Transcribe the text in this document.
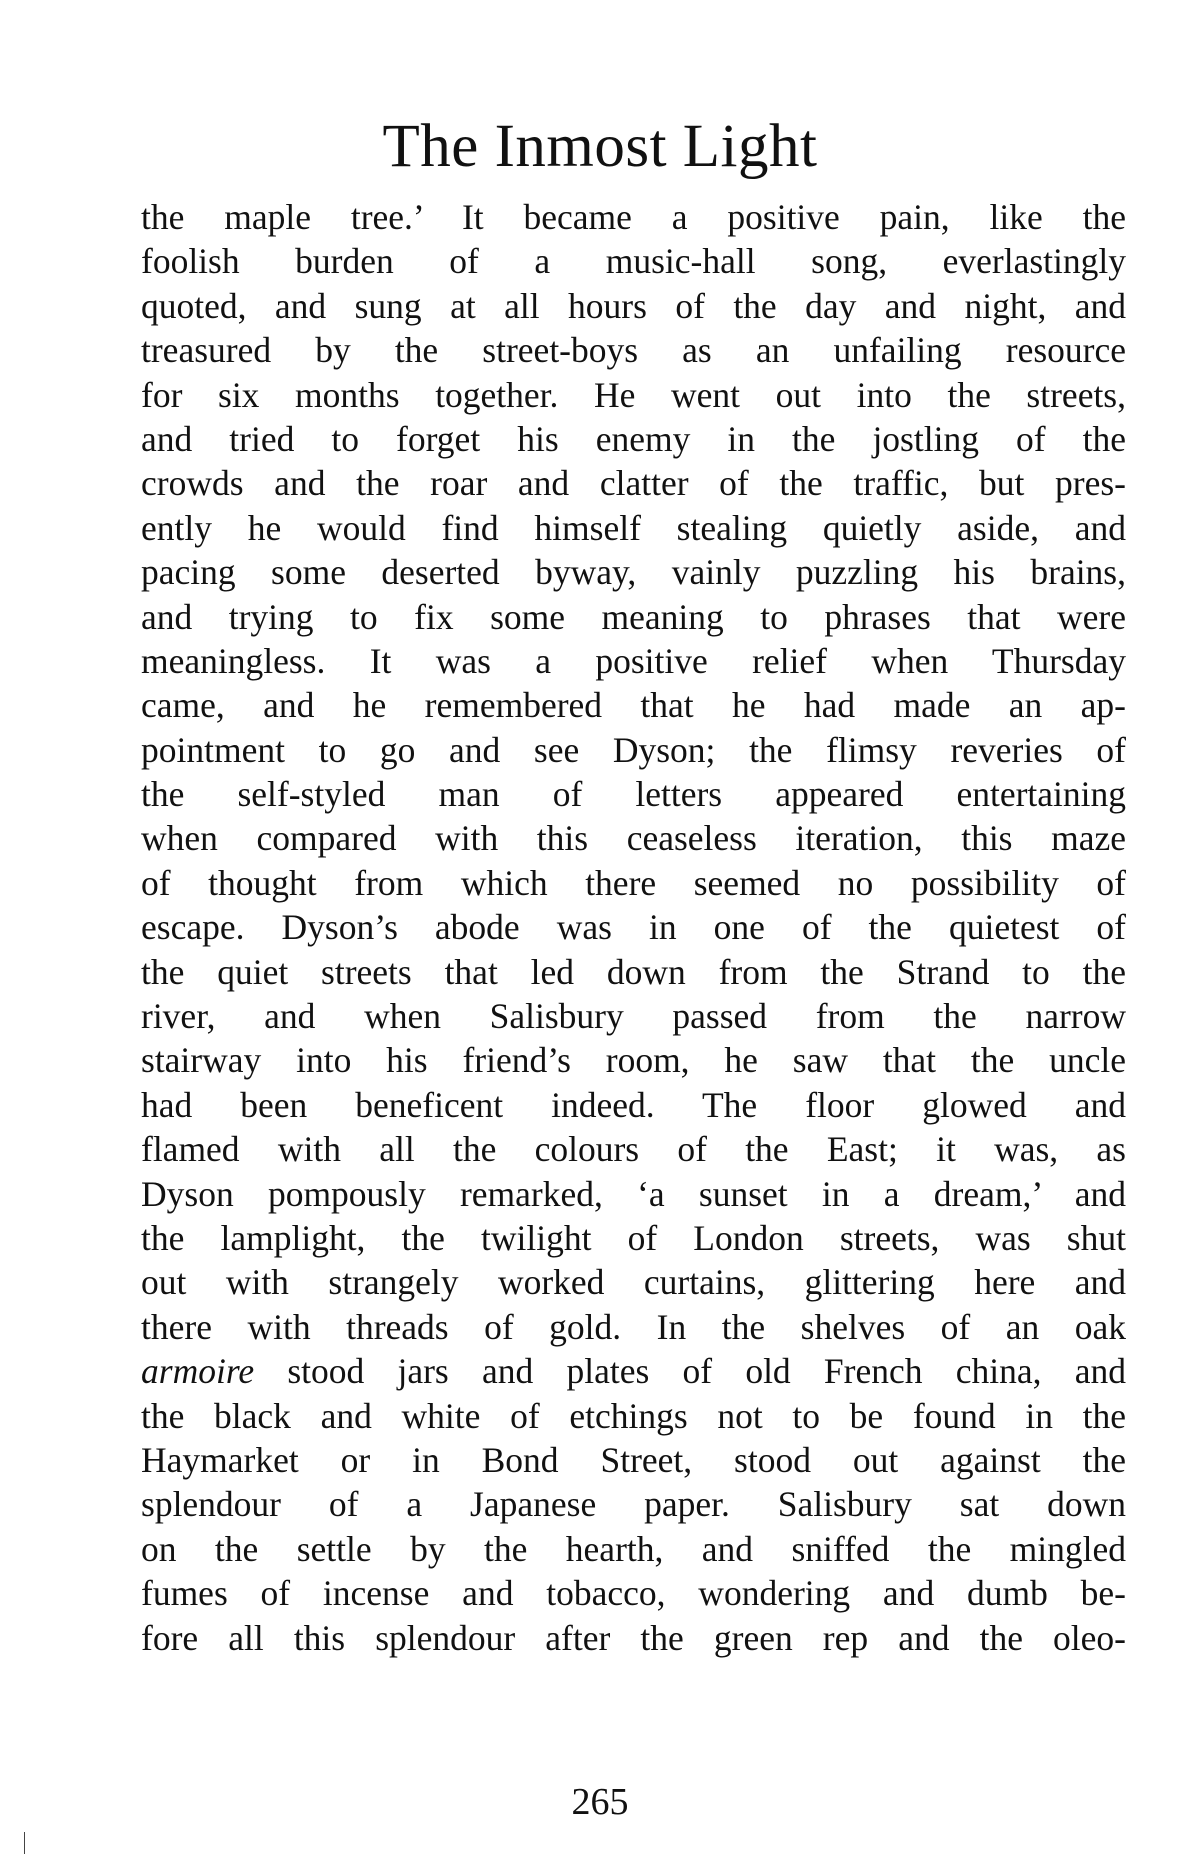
The Inmost Light
the maple tree.’ It became a positive pain, like the
foolish burden of a music-hall song, everlastingly
quoted, and sung at all hours of the day and night, and
treasured by the street-boys as an unfailing resource
for six months together. He went out into the streets,
and tried to forget his enemy in the jostling of the
crowds and the roar and clatter of the traffic, but pres-
ently he would find himself stealing quietly aside, and
pacing some deserted byway, vainly puzzling his brains,
and trying to fix some meaning to phrases that were
meaningless. It was a positive relief when Thursday
came, and he remembered that he had made an ap-
pointment to go and see Dyson; the flimsy reveries of
the self-styled man of letters appeared entertaining
when compared with this ceaseless iteration, this maze
of thought from which there seemed no possibility of
escape. Dyson’s abode was in one of the quietest of
the quiet streets that led down from the Strand to the
river, and when Salisbury passed from the narrow
stairway into his friend’s room, he saw that the uncle
had been beneficent indeed. The floor glowed and
flamed with all the colours of the East; it was, as
Dyson pompously remarked, ‘a sunset in a dream,’ and
the lamplight, the twilight of London streets, was shut
out with strangely worked curtains, glittering here and
there with threads of gold. In the shelves of an oak
armoire stood jars and plates of old French china, and
the black and white of etchings not to be found in the
Haymarket or in Bond Street, stood out against the
splendour of a Japanese paper. Salisbury sat down
on the settle by the hearth, and sniffed the mingled
fumes of incense and tobacco, wondering and dumb be-
fore all this splendour after the green rep and the oleo-
265
